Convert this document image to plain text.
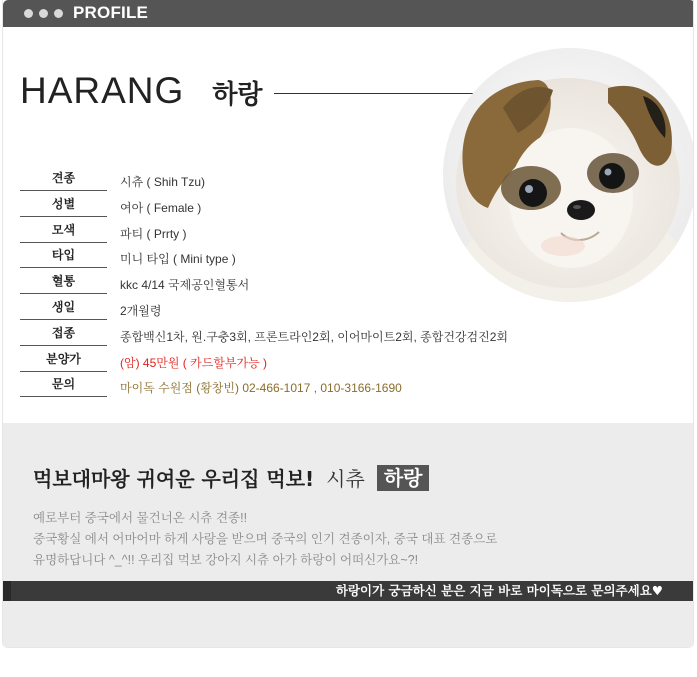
PROFILE
HARANG 하랑
견종	시츄 ( Shih Tzu)
성별	여아 ( Female )
모색	파티 ( Prrty )
타입	미니 타입 ( Mini type )
혈통	kkc 4/14 국제공인혈통서
생일	2개월령
접종	종합백신1차, 원.구충3회, 프론트라인2회, 이어마이트2회, 종합건강검진2회
분양가	(암) 45만원 ( 카드할부가능 )
문의	마이독 수원점 (황창빈) 02-466-1017 , 010-3166-1690
먹보대마왕 귀여운 우리집 먹보! 시츄 하랑
예로부터 중국에서 물건너온 시츄 견종!!
중국황실 에서 어마어마 하게 사랑을 받으며 중국의 인기 견종이자, 중국 대표 견종으로
유명하답니다 ^_^!! 우리집 먹보 강아지 시츄 아가 하랑이 어떠신가요~?!
하랑이가 궁금하신 분은 지금 바로 마이독으로 문의주세요♥
